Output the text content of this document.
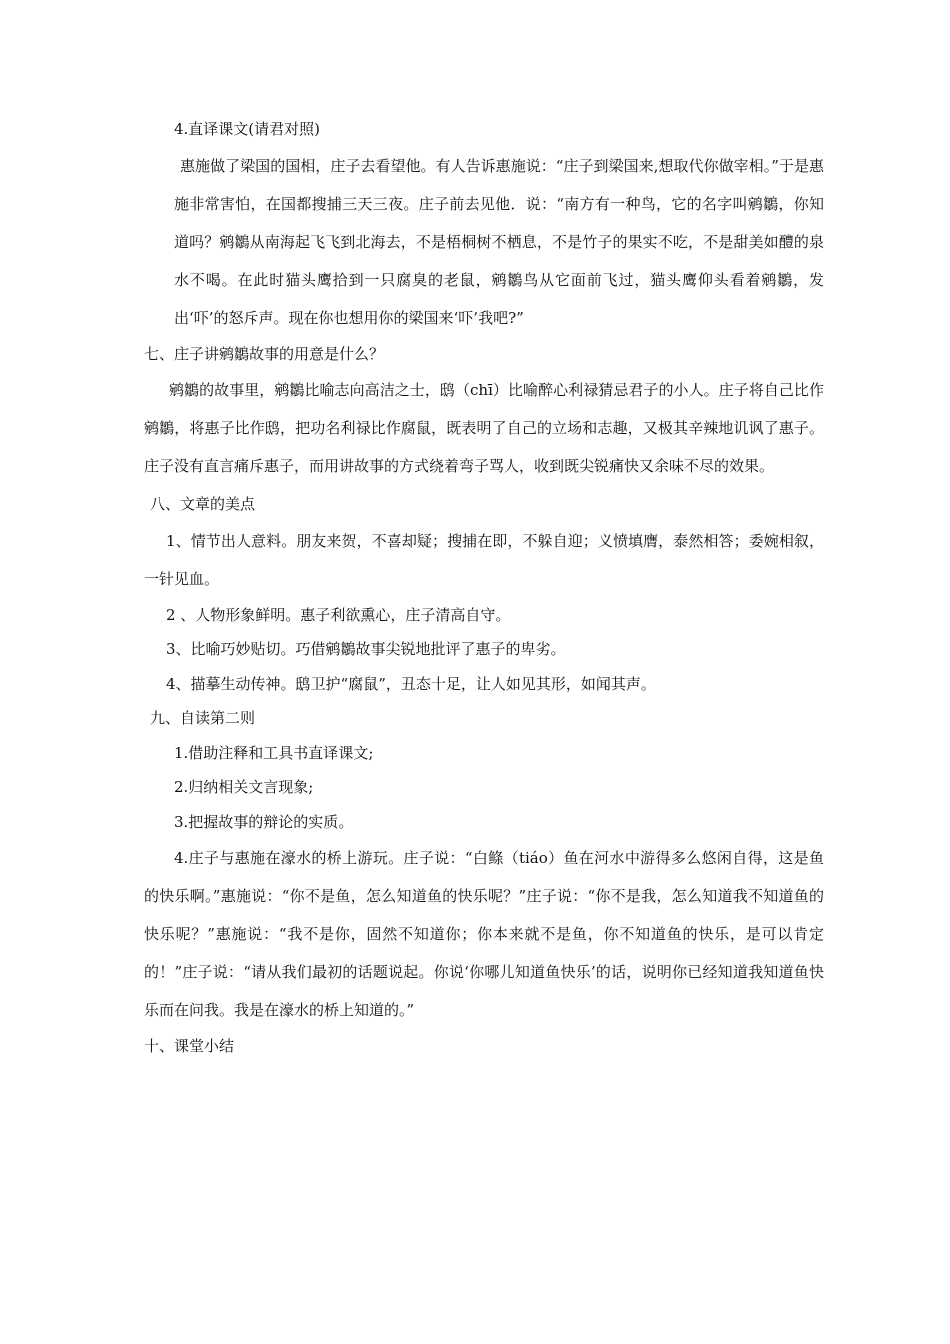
4.直译课文(请君对照)

惠施做了梁国的国相，庄子去看望他。有人告诉惠施说：“庄子到梁国来,想取代你做宰相。”于是惠施非常害怕，在国都搜捕三天三夜。庄子前去见他．说：“南方有一种鸟，它的名字叫鹓鶵，你知道吗？鹓鶵从南海起飞飞到北海去，不是梧桐树不栖息，不是竹子的果实不吃，不是甜美如醴的泉水不喝。在此时猫头鹰拾到一只腐臭的老鼠，鹓鶵鸟从它面前飞过，猫头鹰仰头看着鹓鶵，发出‘吓’的怒斥声。现在你也想用你的梁国来‘吓’我吧?”

七、庄子讲鹓鶵故事的用意是什么？

鹓鶵的故事里，鹓鶵比喻志向高洁之士，鸱（chī）比喻醉心利禄猜忌君子的小人。庄子将自己比作鹓鶵，将惠子比作鸱，把功名利禄比作腐鼠，既表明了自己的立场和志趣，又极其辛辣地讥讽了惠子。庄子没有直言痛斥惠子，而用讲故事的方式绕着弯子骂人，收到既尖锐痛快又余味不尽的效果。

八、文章的美点

1、情节出人意料。朋友来贺，不喜却疑；搜捕在即，不躲自迎；义愤填膺，泰然相答；委婉相叙，一针见血。

2 、人物形象鲜明。惠子利欲熏心，庄子清高自守。

3、比喻巧妙贴切。巧借鹓鶵故事尖锐地批评了惠子的卑劣。

4、描摹生动传神。鸱卫护“腐鼠”，丑态十足，让人如见其形，如闻其声。

九、自读第二则

1.借助注释和工具书直译课文;

2.归纳相关文言现象;

3.把握故事的辩论的实质。

4.庄子与惠施在濠水的桥上游玩。庄子说：“白鲦（tiáo）鱼在河水中游得多么悠闲自得，这是鱼的快乐啊。”惠施说：“你不是鱼，怎么知道鱼的快乐呢？”庄子说：“你不是我，怎么知道我不知道鱼的快乐呢？”惠施说：“我不是你，固然不知道你；你本来就不是鱼，你不知道鱼的快乐，是可以肯定的！”庄子说：“请从我们最初的话题说起。你说‘你哪儿知道鱼快乐’的话，说明你已经知道我知道鱼快乐而在问我。我是在濠水的桥上知道的。”

十、课堂小结
